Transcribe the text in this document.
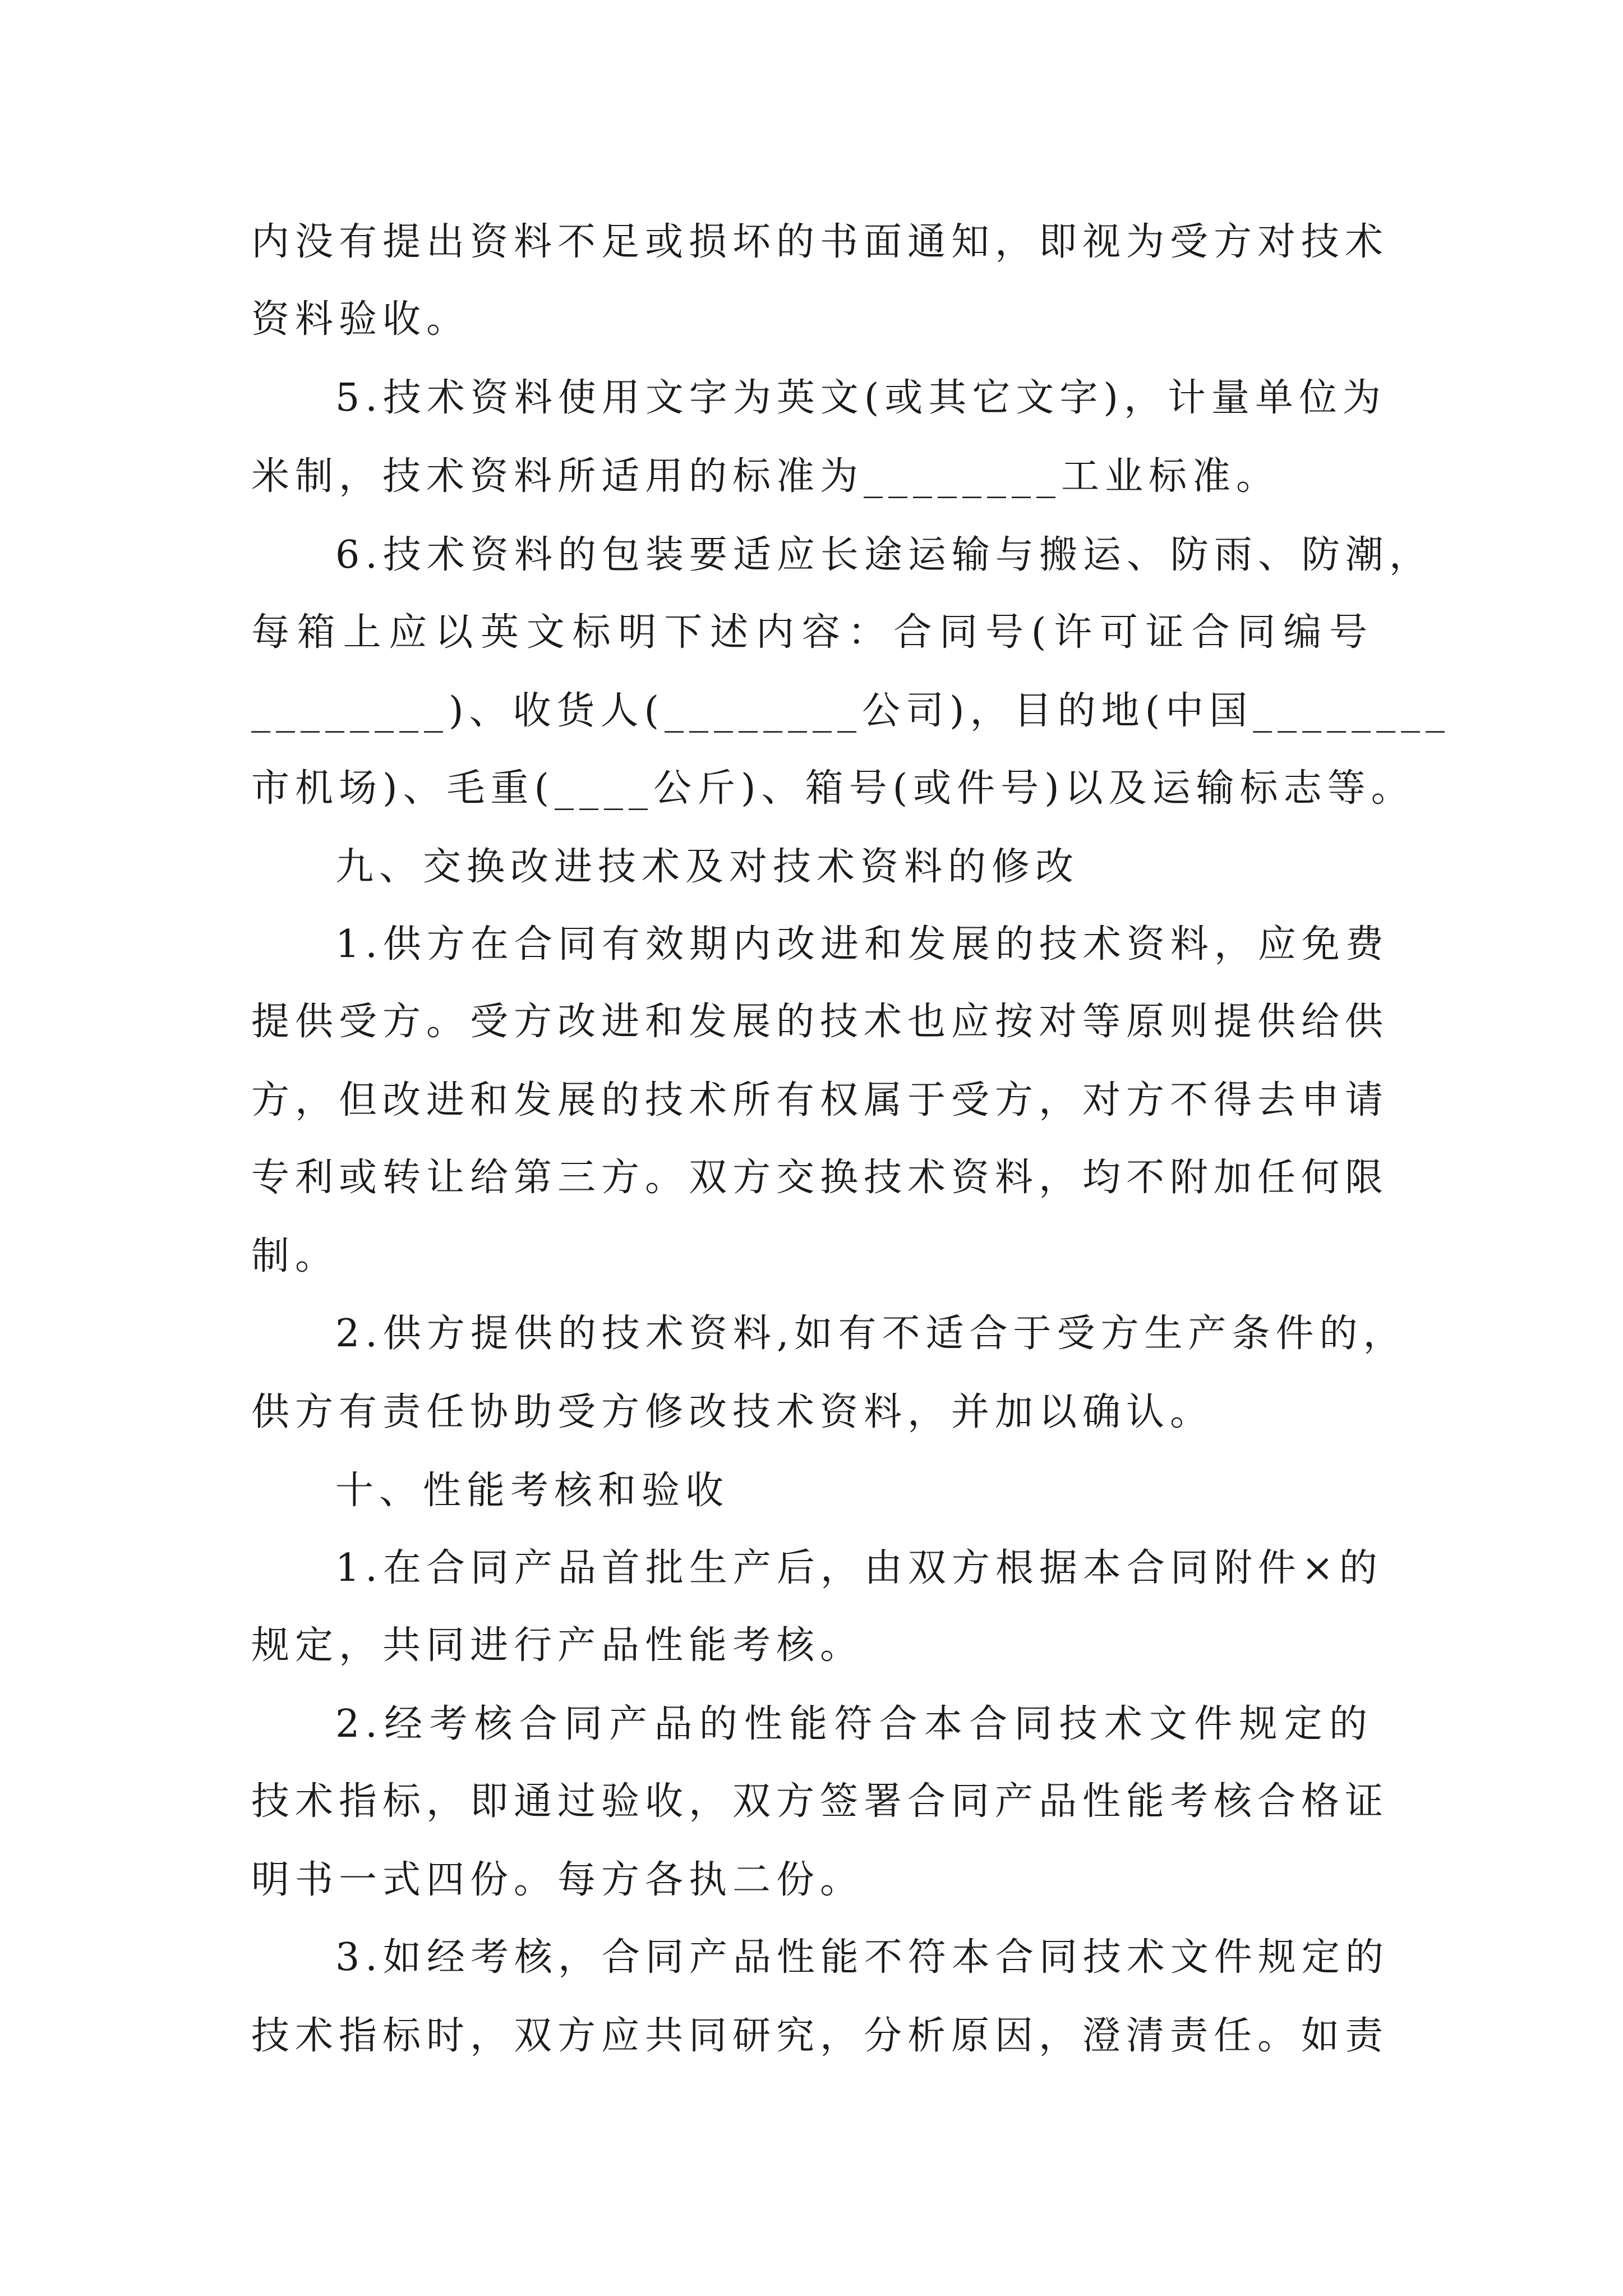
内没有提出资料不足或损坏的书面通知，即视为受方对技术
资料验收。
5.技术资料使用文字为英文(或其它文字)，计量单位为
米制，技术资料所适用的标准为________工业标准。
6.技术资料的包装要适应长途运输与搬运、防雨、防潮，
每箱上应以英文标明下述内容：合同号(许可证合同编号
________)、收货人(________公司)，目的地(中国________
市机场)、毛重(____公斤)、箱号(或件号)以及运输标志等。
九、交换改进技术及对技术资料的修改
1.供方在合同有效期内改进和发展的技术资料，应免费
提供受方。受方改进和发展的技术也应按对等原则提供给供
方，但改进和发展的技术所有权属于受方，对方不得去申请
专利或转让给第三方。双方交换技术资料，均不附加任何限
制。
2.供方提供的技术资料,如有不适合于受方生产条件的，
供方有责任协助受方修改技术资料，并加以确认。
十、性能考核和验收
1.在合同产品首批生产后，由双方根据本合同附件×的
规定，共同进行产品性能考核。
2.经考核合同产品的性能符合本合同技术文件规定的
技术指标，即通过验收，双方签署合同产品性能考核合格证
明书一式四份。每方各执二份。
3.如经考核，合同产品性能不符本合同技术文件规定的
技术指标时，双方应共同研究，分析原因，澄清责任。如责
